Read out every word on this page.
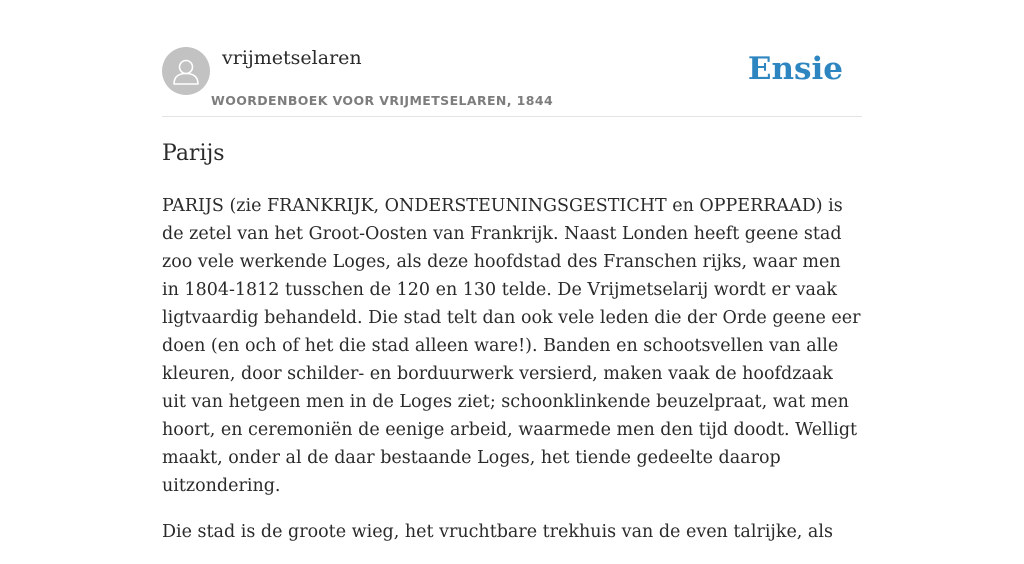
vrijmetselaren
WOORDENBOEK VOOR VRIJMETSELAREN, 1844
Ensie
Parijs

PARIJS (zie FRANKRIJK, ONDERSTEUNINGSGESTICHT en OPPERRAAD) is de zetel van het Groot-Oosten van Frankrijk. Naast Londen heeft geene stad zoo vele werkende Loges, als deze hoofdstad des Franschen rijks, waar men in 1804-1812 tusschen de 120 en 130 telde. De Vrijmetselarij wordt er vaak ligtvaardig behandeld. Die stad telt dan ook vele leden die der Orde geene eer doen (en och of het die stad alleen ware!). Banden en schootsvellen van alle kleuren, door schilder- en borduurwerk versierd, maken vaak de hoofdzaak uit van hetgeen men in de Loges ziet; schoonklinkende beuzelpraat, wat men hoort, en ceremoniën de eenige arbeid, waarmede men den tijd doodt. Welligt maakt, onder al de daar bestaande Loges, het tiende gedeelte daarop uitzondering.

Die stad is de groote wieg, het vruchtbare trekhuis van de even talrijke, als
